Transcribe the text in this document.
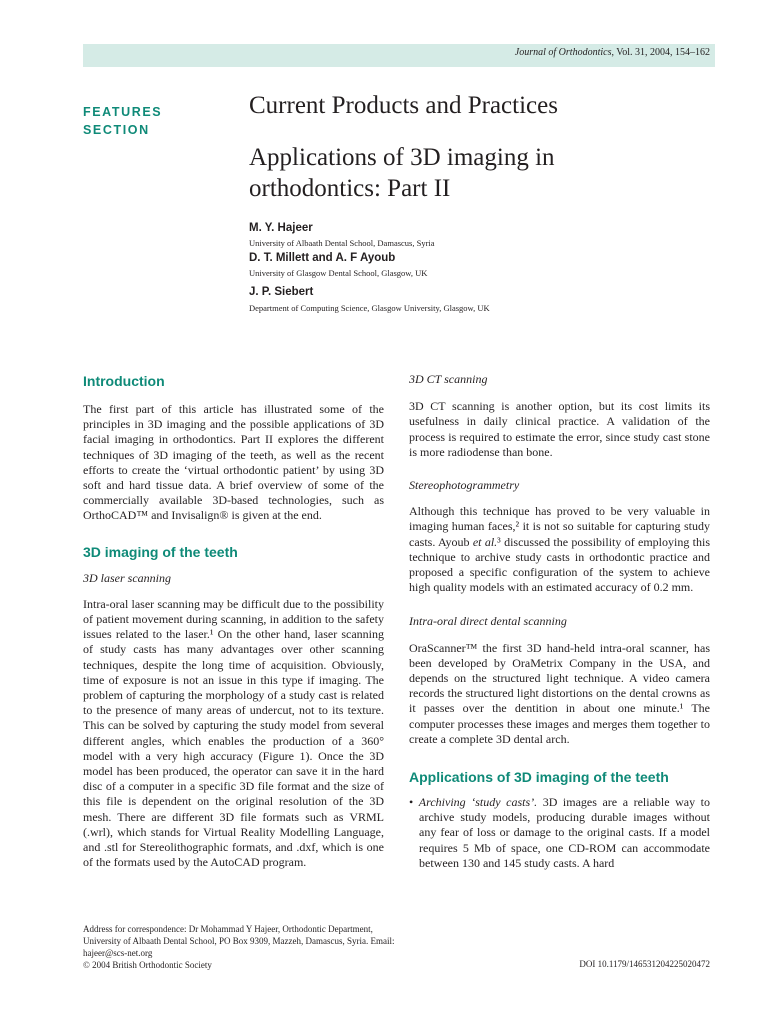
Journal of Orthodontics, Vol. 31, 2004, 154–162
FEATURES
SECTION
Current Products and Practices
Applications of 3D imaging in
orthodontics: Part II
M. Y. Hajeer
University of Albaath Dental School, Damascus, Syria
D. T. Millett and A. F Ayoub
University of Glasgow Dental School, Glasgow, UK
J. P. Siebert
Department of Computing Science, Glasgow University, Glasgow, UK
Introduction

The first part of this article has illustrated some of the principles in 3D imaging and the possible applications of 3D facial imaging in orthodontics. Part II explores the different techniques of 3D imaging of the teeth, as well as the recent efforts to create the ‘virtual orthodontic patient’ by using 3D soft and hard tissue data. A brief overview of some of the commercially available 3D-based technologies, such as OrthoCAD™ and Invisalign® is given at the end.

3D imaging of the teeth

3D laser scanning

Intra-oral laser scanning may be difficult due to the possibility of patient movement during scanning, in addition to the safety issues related to the laser.¹ On the other hand, laser scanning of study casts has many advantages over other scanning techniques, despite the long time of acquisition. Obviously, time of exposure is not an issue in this type if imaging. The problem of capturing the morphology of a study cast is related to the presence of many areas of undercut, not to its texture. This can be solved by capturing the study model from several different angles, which enables the production of a 360° model with a very high accuracy (Figure 1). Once the 3D model has been produced, the operator can save it in the hard disc of a computer in a specific 3D file format and the size of this file is dependent on the original resolution of the 3D mesh. There are different 3D file formats such as VRML (.wrl), which stands for Virtual Reality Modelling Language, and .stl for Stereolithographic formats, and .dxf, which is one of the formats used by the AutoCAD program.

3D CT scanning

3D CT scanning is another option, but its cost limits its usefulness in daily clinical practice. A validation of the process is required to estimate the error, since study cast stone is more radiodense than bone.

Stereophotogrammetry

Although this technique has proved to be very valuable in imaging human faces,² it is not so suitable for capturing study casts. Ayoub et al.³ discussed the possibility of employing this technique to archive study casts in orthodontic practice and proposed a specific configuration of the system to achieve high quality models with an estimated accuracy of 0.2 mm.

Intra-oral direct dental scanning

OraScanner™ the first 3D hand-held intra-oral scanner, has been developed by OraMetrix Company in the USA, and depends on the structured light technique. A video camera records the structured light distortions on the dental crowns as it passes over the dentition in about one minute.¹ The computer processes these images and merges them together to create a complete 3D dental arch.

Applications of 3D imaging of the teeth
• Archiving ‘study casts’. 3D images are a reliable way to archive study models, producing durable images without any fear of loss or damage to the original casts. If a model requires 5 Mb of space, one CD-ROM can accommodate between 130 and 145 study casts. A hard
Address for correspondence: Dr Mohammad Y Hajeer, Orthodontic Department, University of Albaath Dental School, PO Box 9309, Mazzeh, Damascus, Syria. Email: hajeer@scs-net.org
© 2004 British Orthodontic Society	DOI 10.1179/146531204225020472
